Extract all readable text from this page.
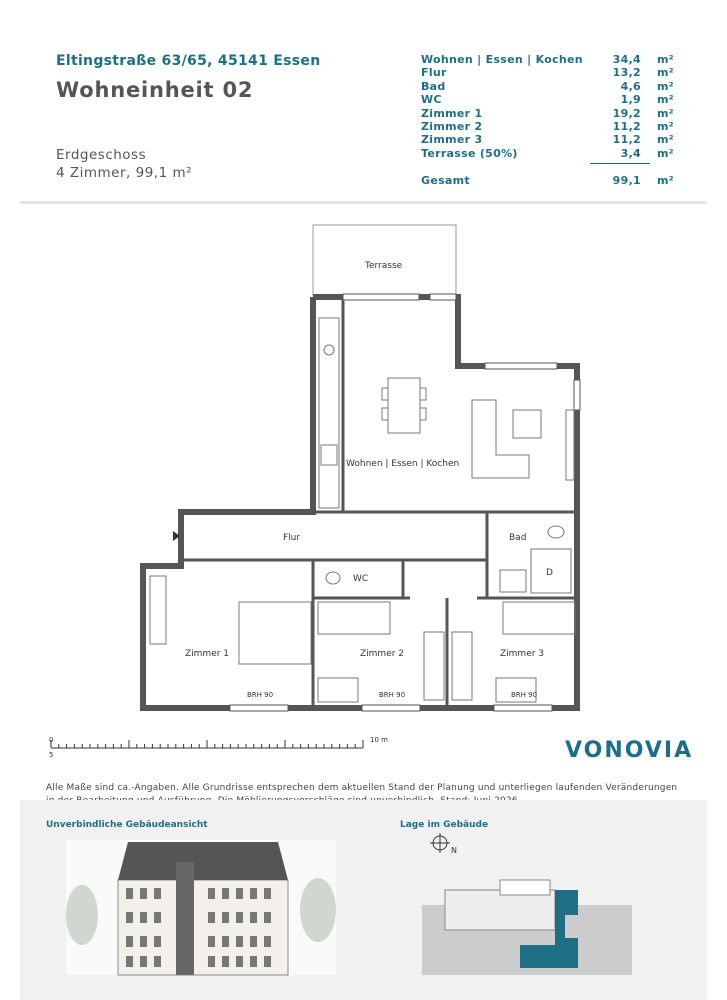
Eltingstraße 63/65, 45141 Essen
Wohneinheit 02
Erdgeschoss
4 Zimmer, 99,1 m²
Wohnen | Essen | Kochen	34,4 m²
Flur	13,2 m²
Bad	4,6 m²
WC	1,9 m²
Zimmer 1	19,2 m²
Zimmer 2	11,2 m²
Zimmer 3	11,2 m²
Terrasse (50%)	3,4 m²
Gesamt	99,1 m²
Terrasse
Wohnen | Essen | Kochen
Flur	Bad
D
WC
Zimmer 1	Zimmer 2	Zimmer 3
BRH 90	BRH 90	BRH 90
0
5
10 m	VONOVIA
Alle Maße sind ca.-Angaben. Alle Grundrisse entsprechen dem aktuellen Stand der Planung und unterliegen laufenden Veränderungen
Unverbindliche Gebäudeansicht	Lage im Gebäude
N
